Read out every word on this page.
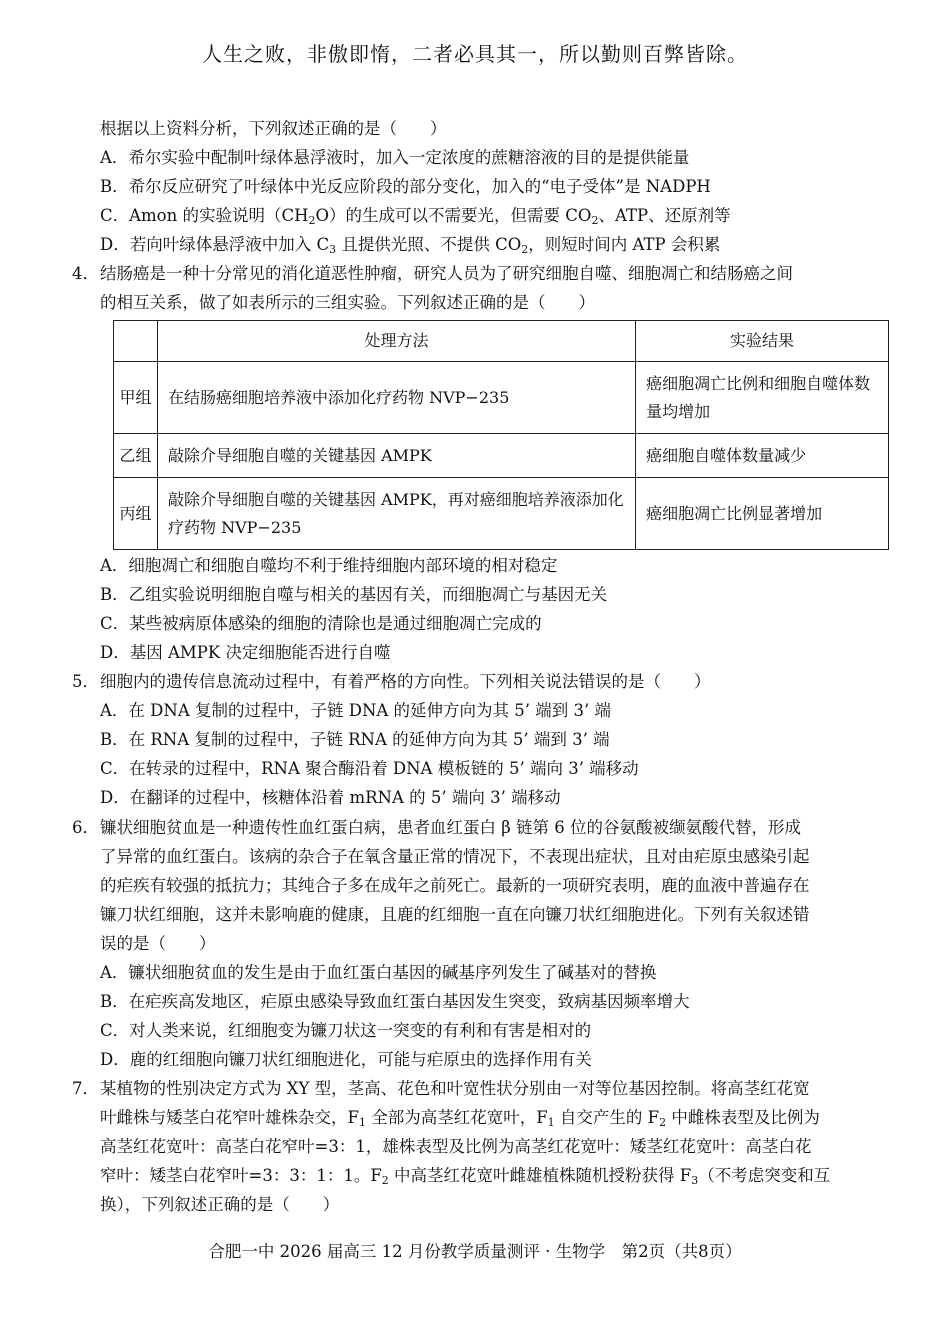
人生之败，非傲即惰，二者必具其一，所以勤则百弊皆除。
根据以上资料分析，下列叙述正确的是（　　）
A．希尔实验中配制叶绿体悬浮液时，加入一定浓度的蔗糖溶液的目的是提供能量
B．希尔反应研究了叶绿体中光反应阶段的部分变化，加入的“电子受体”是 NADPH
C．Amon 的实验说明$(CH_2O)$的生成可以不需要光，但需要 $CO_2$、ATP、还原剂等
D．若向叶绿体悬浮液中加入 $C_3$ 且提供光照、不提供 $CO_2$，则短时间内 ATP 会积累
4． 结肠癌是一种十分常见的消化道恶性肿瘤，研究人员为了研究细胞自噬、细胞凋亡和结肠癌之间
的相互关系，做了如表所示的三组实验。下列叙述正确的是（　　）
	处理方法	实验结果
甲组	在结肠癌细胞培养液中添加化疗药物 NVP−235	癌细胞凋亡比例和细胞自噬体数量均增加
乙组	敲除介导细胞自噬的关键基因 AMPK	癌细胞自噬体数量减少
丙组	敲除介导细胞自噬的关键基因 AMPK，再对癌细胞培养液添加化疗药物 NVP−235	癌细胞凋亡比例显著增加
A．细胞凋亡和细胞自噬均不利于维持细胞内部环境的相对稳定
B．乙组实验说明细胞自噬与相关的基因有关，而细胞凋亡与基因无关
C．某些被病原体感染的细胞的清除也是通过细胞凋亡完成的
D．基因 AMPK 决定细胞能否进行自噬
5． 细胞内的遗传信息流动过程中，有着严格的方向性。下列相关说法错误的是（　　）
A．在 DNA 复制的过程中，子链 DNA 的延伸方向为其 5’ 端到 3’ 端
B．在 RNA 复制的过程中，子链 RNA 的延伸方向为其 5’ 端到 3’ 端
C．在转录的过程中，RNA 聚合酶沿着 DNA 模板链的 5’ 端向 3’ 端移动
D．在翻译的过程中，核糖体沿着 mRNA 的 5’ 端向 3’ 端移动
6． 镰状细胞贫血是一种遗传性血红蛋白病，患者血红蛋白 β 链第 6 位的谷氨酸被缬氨酸代替，形成
了异常的血红蛋白。该病的杂合子在氧含量正常的情况下，不表现出症状，且对由疟原虫感染引起
的疟疾有较强的抵抗力；其纯合子多在成年之前死亡。最新的一项研究表明，鹿的血液中普遍存在
镰刀状红细胞，这并未影响鹿的健康，且鹿的红细胞一直在向镰刀状红细胞进化。下列有关叙述错
误的是（　　）
A．镰状细胞贫血的发生是由于血红蛋白基因的碱基序列发生了碱基对的替换
B．在疟疾高发地区，疟原虫感染导致血红蛋白基因发生突变，致病基因频率增大
C．对人类来说，红细胞变为镰刀状这一突变的有利和有害是相对的
D．鹿的红细胞向镰刀状红细胞进化，可能与疟原虫的选择作用有关
7． 某植物的性别决定方式为 XY 型，茎高、花色和叶宽性状分别由一对等位基因控制。将高茎红花宽
叶雌株与矮茎白花窄叶雄株杂交，$F_1$ 全部为高茎红花宽叶，$F_1$ 自交产生的 $F_2$ 中雌株表型及比例为
高茎红花宽叶：高茎白花窄叶=3：1，雄株表型及比例为高茎红花宽叶：矮茎红花宽叶：高茎白花
窄叶：矮茎白花窄叶=3：3：1：1。$F_2$ 中高茎红花宽叶雌雄植株随机授粉获得 $F_3$（不考虑突变和互
换），下列叙述正确的是（　　）
合肥一中 2026 届高三 12 月份教学质量测评 · 生物学　第2页（共8页）
